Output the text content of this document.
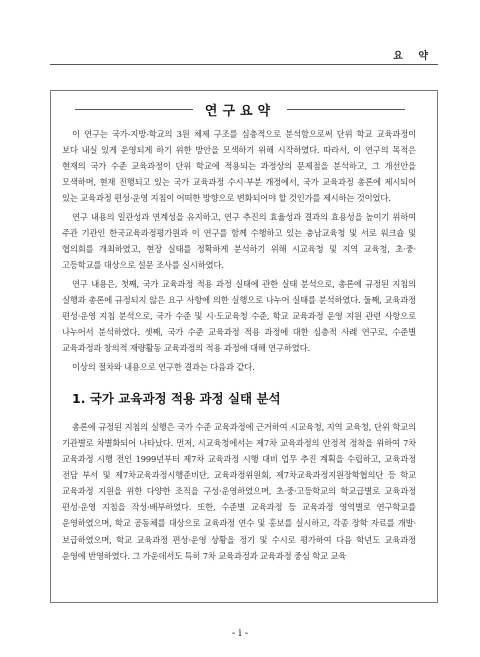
요 약
연구요약

이 연구는 국가-지방-학교의 3원 체제 구조를 심층적으로 분석함으로써 단위 학교 교육과정이 보다 내실 있게 운영되게 하기 위한 방안을 모색하기 위해 시작하였다. 따라서, 이 연구의 목적은 현재의 국가 수준 교육과정이 단위 학교에 적용되는 과정상의 문제점을 분석하고, 그 개선안을 모색하며, 현재 진행되고 있는 국가 교육과정 수시·부분 개정에서, 국가 교육과정 총론에 제시되어 있는 교육과정 편성·운영 지침이 어떠한 방향으로 변화되어야 할 것인가를 제시하는 것이었다.

연구 내용의 일관성과 연계성을 유지하고, 연구 추진의 효율성과 결과의 효용성을 높이기 위하여 주관 기관인 한국교육과정평가원과 이 연구를 함께 수행하고 있는 충남교육청 및 서로 워크숍 및 협의회를 개최하였고, 현장 실태를 정확하게 분석하기 위해 시교육청 및 지역 교육청, 초·중·고등학교를 대상으로 설문 조사를 실시하였다.

연구 내용은, 첫째, 국가 교육과정 적용 과정 실태에 관한 실태 분석으로, 총론에 규정된 지침의 실행과 총론에 규정되지 않은 요구 사항에 의한 실행으로 나누어 실태를 분석하였다. 둘째, 교육과정 편성·운영 지침 분석으로, 국가 수준 및 시·도교육청 수준, 학교 교육과정 운영 지원 관련 사항으로 나누어서 분석하였다. 셋째, 국가 수준 교육과정 적용 과정에 대한 심층적 사례 연구로, 수준별 교육과정과 창의적 재량활동 교육과정의 적용 과정에 대해 연구하였다.

이상의 절차와 내용으로 연구한 결과는 다음과 같다.

1. 국가 교육과정 적용 과정 실태 분석

총론에 규정된 지침의 실행은 국가 수준 교육과정에 근거하여 시교육청, 지역 교육청, 단위 학교의 기관별로 차별화되어 나타났다. 먼저, 시교육청에서는 제7차 교육과정의 안정적 정착을 위하여 7차 교육과정 시행 전인 1999년부터 제7차 교육과정 시행 대비 업무 추진 계획을 수립하고, 교육과정 전담 부서 및 제7차교육과정시행준비단, 교육과정위원회, 제7차교육과정지원장학협의단 등 학교 교육과정 지원을 위한 다양한 조직을 구성·운영하였으며, 초·중·고등학교의 학교급별로 교육과정 편성·운영 지침을 작성·배부하였다. 또한, 수준별 교육과정 등 교육과정 영역별로 연구학교를 운영하였으며, 학교 공동체를 대상으로 교육과정 연수 및 홍보를 실시하고, 각종 장학 자료를 개발·보급하였으며, 학교 교육과정 편성·운영 상황을 정기 및 수시로 평가하여 다음 학년도 교육과정 운영에 반영하였다. 그 가운데서도 특히 7차 교육과정과 교육과정 중심 학교 교육

- i -
